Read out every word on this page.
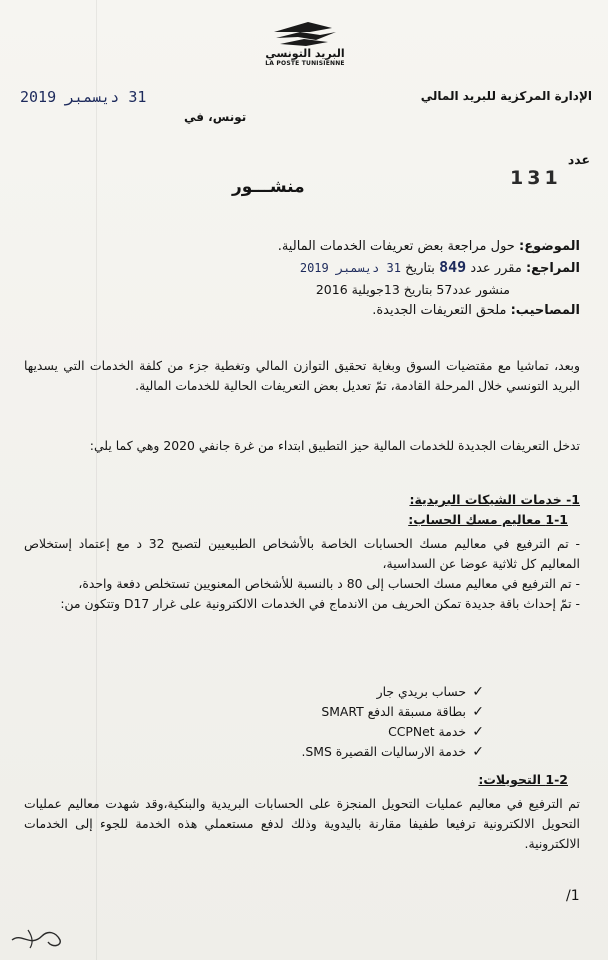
البريد التونسي
LA POSTE TUNISIENNE
الإدارة المركزية للبريد المالي
عدد
31 ديسمبر 2019
تونس، في
131
منشـــور
الموضوع: حول مراجعة بعض تعريفات الخدمات المالية.
المراجع: مقرر عدد 849 بتاريخ 31 ديسمبر 2019
منشور عدد57 بتاريخ 13جويلية 2016
المصاحيب: ملحق التعريفات الجديدة.
وبعد، تماشيا مع مقتضيات السوق وبغاية تحقيق التوازن المالي وتغطية جزء من كلفة الخدمات التي يسديها البريد التونسي خلال المرحلة القادمة، تمّ تعديل بعض التعريفات الحالية للخدمات المالية.
تدخل التعريفات الجديدة للخدمات المالية حيز التطبيق ابتداء من غرة جانفي 2020 وهي كما يلي:
1- خدمات الشيكات البريدية:
1-1 معاليم مسك الحساب:
- تم الترفيع في معاليم مسك الحسابات الخاصة بالأشخاص الطبيعيين لتصبح 32 د مع إعتماد إستخلاص المعاليم كل ثلاثية عوضا عن السداسية،
- تم الترفيع في معاليم مسك الحساب إلى 80 د بالنسبة للأشخاص المعنويين تستخلص دفعة واحدة،
- تمّ إحداث باقة جديدة تمكن الحريف من الاندماج في الخدمات الالكترونية على غرار D17 وتتكون من:
✓حساب بريدي جار
✓بطاقة مسبقة الدفع SMART
✓خدمة CCPNet
✓خدمة الارساليات القصيرة SMS.
1-2 التحويلات:
تم الترفيع في معاليم عمليات التحويل المنجزة على الحسابات البريدية والبنكية،وقد شهدت معاليم عمليات التحويل الالكترونية ترفيعا طفيفا مقارنة باليدوية وذلك لدفع مستعملي هذه الخدمة للجوء إلى الخدمات الالكترونية.
/1
